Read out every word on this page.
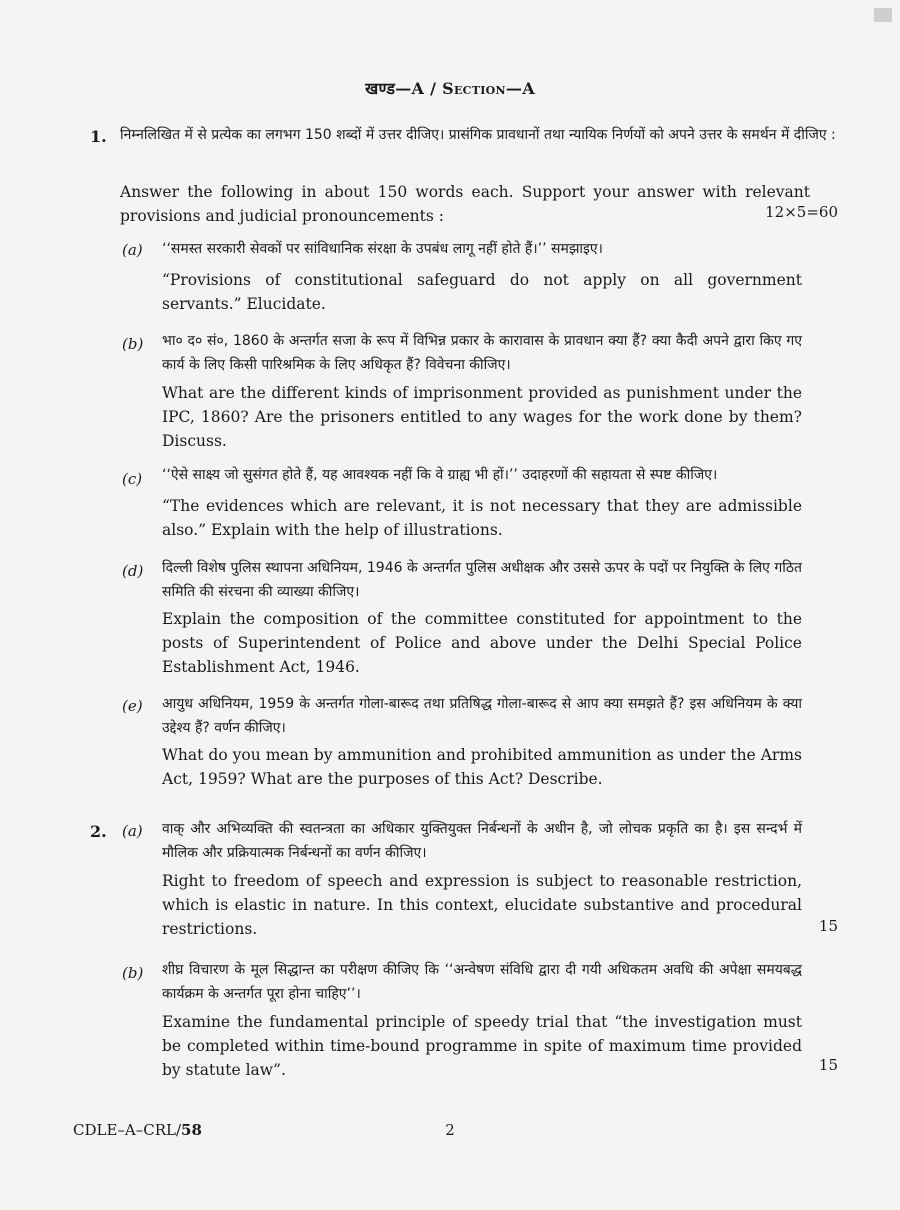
खण्ड—A / Section—A
1. निम्नलिखित में से प्रत्येक का लगभग 150 शब्दों में उत्तर दीजिए। प्रासंगिक प्रावधानों तथा न्यायिक निर्णयों को अपने उत्तर के समर्थन में दीजिए :
Answer the following in about 150 words each. Support your answer with relevant provisions and judicial pronouncements :	12×5=60
(a) ‘‘समस्त सरकारी सेवकों पर सांविधानिक संरक्षा के उपबंध लागू नहीं होते हैं।’’ समझाइए।
“Provisions of constitutional safeguard do not apply on all government servants.” Elucidate.
(b) भा० द० सं०, 1860 के अन्तर्गत सजा के रूप में विभिन्न प्रकार के कारावास के प्रावधान क्या हैं? क्या कैदी अपने द्वारा किए गए कार्य के लिए किसी पारिश्रमिक के लिए अधिकृत हैं? विवेचना कीजिए।
What are the different kinds of imprisonment provided as punishment under the IPC, 1860? Are the prisoners entitled to any wages for the work done by them? Discuss.
(c) ‘‘ऐसे साक्ष्य जो सुसंगत होते हैं, यह आवश्यक नहीं कि वे ग्राह्य भी हों।’’ उदाहरणों की सहायता से स्पष्ट कीजिए।
“The evidences which are relevant, it is not necessary that they are admissible also.” Explain with the help of illustrations.
(d) दिल्ली विशेष पुलिस स्थापना अधिनियम, 1946 के अन्तर्गत पुलिस अधीक्षक और उससे ऊपर के पदों पर नियुक्ति के लिए गठित समिति की संरचना की व्याख्या कीजिए।
Explain the composition of the committee constituted for appointment to the posts of Superintendent of Police and above under the Delhi Special Police Establishment Act, 1946.
(e) आयुध अधिनियम, 1959 के अन्तर्गत गोला-बारूद तथा प्रतिषिद्ध गोला-बारूद से आप क्या समझते हैं? इस अधिनियम के क्या उद्देश्य हैं? वर्णन कीजिए।
What do you mean by ammunition and prohibited ammunition as under the Arms Act, 1959? What are the purposes of this Act? Describe.
2. (a) वाक् और अभिव्यक्ति की स्वतन्त्रता का अधिकार युक्तियुक्त निर्बन्धनों के अधीन है, जो लोचक प्रकृति का है। इस सन्दर्भ में मौलिक और प्रक्रियात्मक निर्बन्धनों का वर्णन कीजिए।
Right to freedom of speech and expression is subject to reasonable restriction, which is elastic in nature. In this context, elucidate substantive and procedural restrictions.	15
(b) शीघ्र विचारण के मूल सिद्धान्त का परीक्षण कीजिए कि ‘‘अन्वेषण संविधि द्वारा दी गयी अधिकतम अवधि की अपेक्षा समयबद्ध कार्यक्रम के अन्तर्गत पूरा होना चाहिए’’।
Examine the fundamental principle of speedy trial that “the investigation must be completed within time-bound programme in spite of maximum time provided by statute law”.	15
CDLE–A–CRL/58	2
